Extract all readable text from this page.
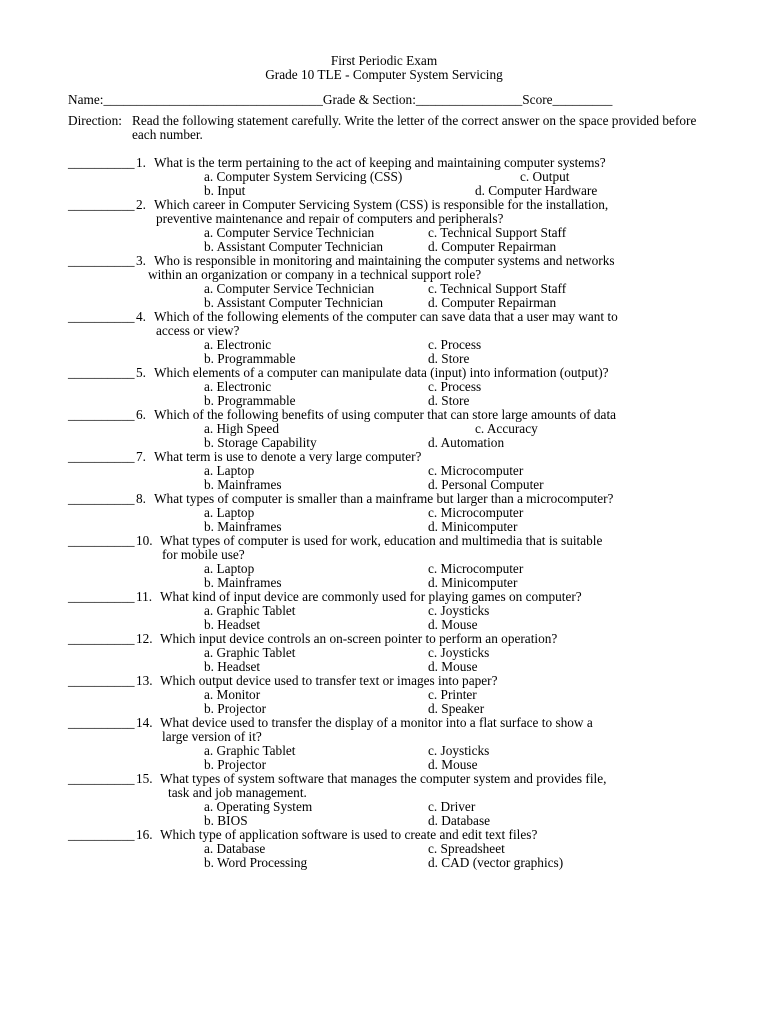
First Periodic Exam
Grade 10 TLE - Computer System Servicing
Name:_________________________________Grade & Section:________________Score_________
Direction: Read the following statement carefully. Write the letter of the correct answer on the space provided before each number.
__________ 1. What is the term pertaining to the act of keeping and maintaining computer systems?
a. Computer System Servicing (CSS)	c. Output
b. Input	d. Computer Hardware
__________ 2. Which career in Computer Servicing System (CSS) is responsible for the installation,
preventive maintenance and repair of computers and peripherals?
a. Computer Service Technician	c. Technical Support Staff
b. Assistant Computer Technician	d. Computer Repairman
__________ 3. Who is responsible in monitoring and maintaining the computer systems and networks
within an organization or company in a technical support role?
a. Computer Service Technician	c. Technical Support Staff
b. Assistant Computer Technician	d. Computer Repairman
__________ 4. Which of the following elements of the computer can save data that a user may want to
access or view?
a. Electronic	c. Process
b. Programmable	d. Store
__________ 5. Which elements of a computer can manipulate data (input) into information (output)?
a. Electronic	c. Process
b. Programmable	d. Store
__________ 6. Which of the following benefits of using computer that can store large amounts of data
a. High Speed	c. Accuracy
b. Storage Capability	d. Automation
__________ 7. What term is use to denote a very large computer?
a. Laptop	c. Microcomputer
b. Mainframes	d. Personal Computer
__________ 8. What types of computer is smaller than a mainframe but larger than a microcomputer?
a. Laptop	c. Microcomputer
b. Mainframes	d. Minicomputer
__________ 10. What types of computer is used for work, education and multimedia that is suitable
for mobile use?
a. Laptop	c. Microcomputer
b. Mainframes	d. Minicomputer
__________ 11. What kind of input device are commonly used for playing games on computer?
a. Graphic Tablet	c. Joysticks
b. Headset	d. Mouse
__________ 12. Which input device controls an on-screen pointer to perform an operation?
a. Graphic Tablet	c. Joysticks
b. Headset	d. Mouse
__________ 13. Which output device used to transfer text or images into paper?
a. Monitor	c. Printer
b. Projector	d. Speaker
__________ 14. What device used to transfer the display of a monitor into a flat surface to show a
large version of it?
a. Graphic Tablet	c. Joysticks
b. Projector	d. Mouse
__________ 15. What types of system software that manages the computer system and provides file,
task and job management.
a. Operating System	c. Driver
b. BIOS	d. Database
__________ 16. Which type of application software is used to create and edit text files?
a. Database	c. Spreadsheet
b. Word Processing	d. CAD (vector graphics)
